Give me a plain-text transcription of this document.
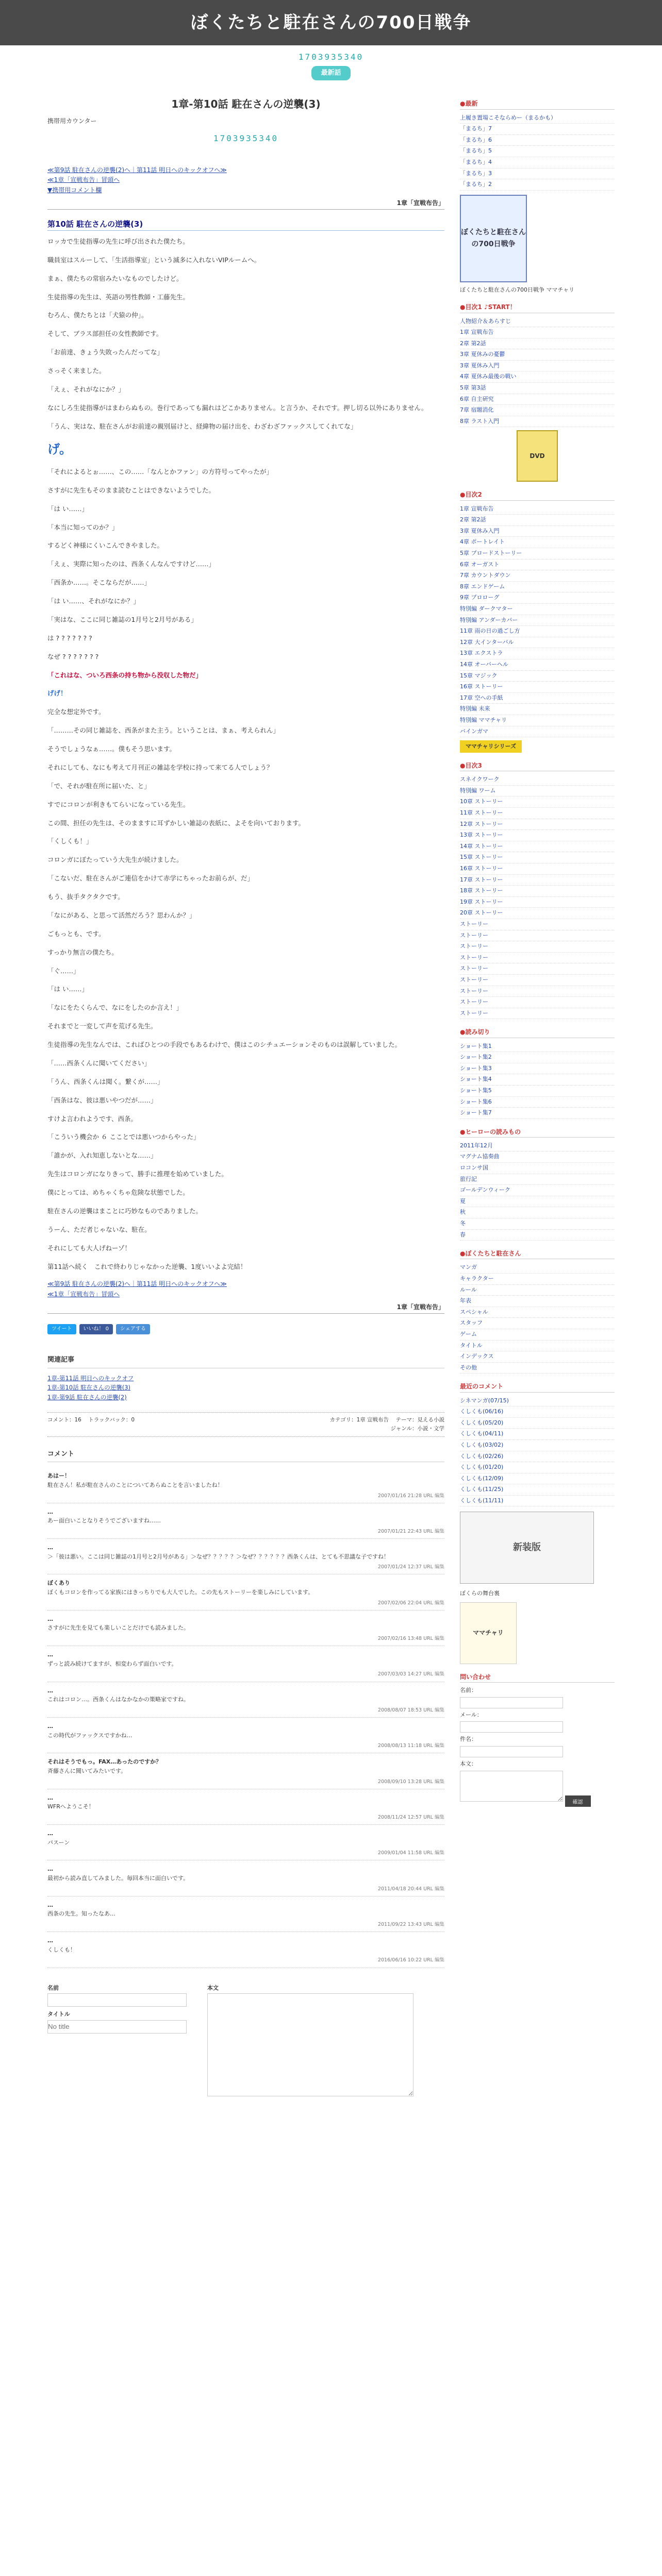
ぼくたちと駐在さんの700日戦争
1703935340
最新話
1章-第10話 駐在さんの逆襲(3)
携帯用カウンター
1703935340
≪第9話 駐在さんの逆襲(2)へ｜第11話 明日へのキックオフへ≫
≪1章「宣戦布告」冒頭へ
▼携帯用コメント欄
1章「宣戦布告」
第10話 駐在さんの逆襲(3)

ロッカで生徒指導の先生に呼び出された僕たち。

職員室はスルーして、「生活指導室」という滅多に入れないVIPルームへ。

まぁ、僕たちの常宿みたいなものでしたけど。

生徒指導の先生は、英語の男性教師・工藤先生。

むろん、僕たちとは「犬猿の仲」。

そして、ブラス部担任の女性教師です。

「お前達、きょう失敗ったんだってな」

さっそく来ました。

「えぇ、それがなにか？」

なにしろ生徒指導がはまわらぬもの。巻行であっても漏れはどこかありません。と言うか、それです。押し切る以外にありません。

「うん、実はな、駐在さんがお前達の親別届けと、経緯物の届け出を、わざわざファックスしてくれてな」

げ。

「それによるとぉ……、この……「なんとかファン」の方符号ってやったが」

さすがに先生もそのまま読むことはできないようでした。

「は い……」

「本当に知ってのか？」

するどく神様にくいこんできやました。

「えぇ、実際に知ったのは、西条くんなんですけど……」

「西条か……。そこならだが……」

「は い……、それがなにか？」

「実はな、ここに同じ雑誌の1月号と2月号がある」

は ? ? ? ? ? ? ?

なぜ ? ? ? ? ? ? ?

「これはな、ついろ西条の持ち物から没収した物だ」

げげ！

完全な想定外です。

「………その同じ雑誌を、西条がまた主う。ということは、まぁ、考えられん」

そうでしょうなぁ……。僕もそう思います。

それにしても、なにも考えて月刊正の雑誌を学校に持って来てる人でしょう？

「で、それが駐在所に届いた、と」

すでにコロンが利きもてらいになっている先生。

この間、担任の先生は、そのまますに耳ずかしい雑誌の表紙に、よそを向いております。

「くしくも！」

コロンガにぼたっていう大先生が続けました。

「こないだ、駐在さんがご連信をかけて赤学にちゃったお前らが、だ」

もう、抜手タクタクです。

「なにがある、と思って活然だろう？思わんか？」

ごもっとも、です。

すっかり無言の僕たち。

「ぐ……」

「は い……」

「なにをたくらんで、なにをしたのか言え！」

それまでと一変して声を荒げる先生。

生徒指導の先生なんでは、こればひとつの手段でもあるわけで、僕はこのシチュエーションそのものは誤解していました。

「……西条くんに聞いてください」

「うん、西条くんは聞く。繋くが……」

「西条はな、彼は悪いやつだが……」

すけよ言われようです、西条。

「こういう機会か ６ こことでは悪いつからやった」

「誰かが、入れ知恵しないとな……」

先生はコロンガになりきって、勝手に推理を始めていました。

僕にとっては、めちゃくちゃ危険な状態でした。

駐在さんの逆襲はまことに巧妙なものでありました。

うーん、ただ者じゃないな、駐在。

それにしても大人げねーゾ！

第11話へ続く　これで終わりじゃなかった逆襲、1度いいよよ完結！

≪第9話 駐在さんの逆襲(2)へ｜第11話 明日へのキックオフへ≫
≪1章「宣戦布告」冒頭へ
1章「宣戦布告」
ツイート	いいね！ 0	シェアする
関連記事
1章-第11話 明日へのキックオフ
1章-第10話 駐在さんの逆襲(3)
1章-第9話 駐在さんの逆襲(2)
コメント：16 トラックバック：0	カテゴリ：1章 宣戦布告 テーマ：見える小説
ジャンル：小説・文学
コメント
あはー！
駐在さん！私が駐在さんのことについてあらぬことを言いましたね！
2007/01/16 21:28 URL 編集
…
あー面白いことなりそうでございますね……
2007/01/21 22:43 URL 編集
…
＞「彼は悪い。ここは同じ雑誌の1月号と2月号がある」＞なぜ？？？？？＞なぜ？？？？？？西条くんは、とても不思議な子ですね！
2007/01/24 12:37 URL 編集
ぼくあり
ぼくもコロンを作ってる家族にはきっちりでも大人でした。この先もストーリーを楽しみにしています。
2007/02/06 22:04 URL 編集
…
さすがに先生を見ても楽しいことだけでも読みました。
2007/02/16 13:48 URL 編集
…
ずっと読み続けてますが、相変わらず面白いです。
2007/03/03 14:27 URL 編集
…
これはコロン…。西条くんはなかなかの策略家ですね。
2008/08/07 18:53 URL 編集
…
この時代がファックスですかね…
2008/08/13 11:18 URL 編集
それはそうでもっ。FAX…あったのですか？
斉藤さんに聞いてみたいです。
2008/09/10 13:28 URL 編集
…
WFRへようこそ！
2008/11/24 12:57 URL 編集
…
パスーン
2009/01/04 11:58 URL 編集
…
最初から読み直してみました。毎回本当に面白いです。
2011/04/18 20:44 URL 編集
…
西条の先生。知ったなあ…
2011/09/22 13:43 URL 編集
…
くしくも！
2016/06/16 10:22 URL 編集
名前
タイトル
No title
本文
●最新
上履き置場こそならめー（まるかも）
「まるち」7
「まるち」6
「まるち」5
「まるち」4
「まるち」3
「まるち」2
ぼくたちと駐在さんの700日戦争
ぼくたちと駐在さんの700日戦争 ママチャリ
●目次1 ♪START！
人物紹介＆あらすじ
1章 宣戦布告
2章 第2話
3章 夏休みの憂鬱
3章 夏休み入門
4章 夏休み最後の戦い
5章 第3話
6章 自主研究
7章 宿題消化
8章 ラスト入門
DVD
●目次2
1章 宣戦布告
2章 第2話
3章 夏休み入門
4章 ポートレイト
5章 ブロードストーリー
6章 オーガスト
7章 カウントダウン
8章 エンドゲーム
9章 プロローグ
特別編 ダークマター
特別編 アンダーカバー
11章 雨の日の過ごし方
12章 大インターバル
13章 エクストラ
14章 オーバーヘル
15章 マジック
16章 ストーリー
17章 空への手紙
特別編 未来
特別編 ママチャリ
バインガマ
ママチャリシリーズ
●目次3
スネイクワーク
特別編 ワーム
10章 ストーリー
11章 ストーリー
12章 ストーリー
13章 ストーリー
14章 ストーリー
15章 ストーリー
16章 ストーリー
17章 ストーリー
18章 ストーリー
19章 ストーリー
20章 ストーリー
ストーリー
ストーリー
ストーリー
ストーリー
ストーリー
ストーリー
ストーリー
ストーリー
ストーリー
●読み切り
ショート集1
ショート集2
ショート集3
ショート集4
ショート集5
ショート集6
ショート集7
●ヒーローの読みもの
2011年12月
マグナム協奏曲
ロコンサ国
旅行記
ゴールデンウィーク
夏
秋
冬
春
●ぼくたちと駐在さん
マンガ
キャラクター
ルール
年表
スペシャル
スタッフ
ゲーム
タイトル
インデックス
その他
最近のコメント
シネマンガ(07/15)
くしくも(06/16)
くしくも(05/20)
くしくも(04/11)
くしくも(03/02)
くしくも(02/26)
くしくも(01/20)
くしくも(12/09)
くしくも(11/25)
くしくも(11/11)
新装版
ぼくらの舞台裏
ママチャリ
問い合わせ
名前：
メール：
件名：
本文：
確認
